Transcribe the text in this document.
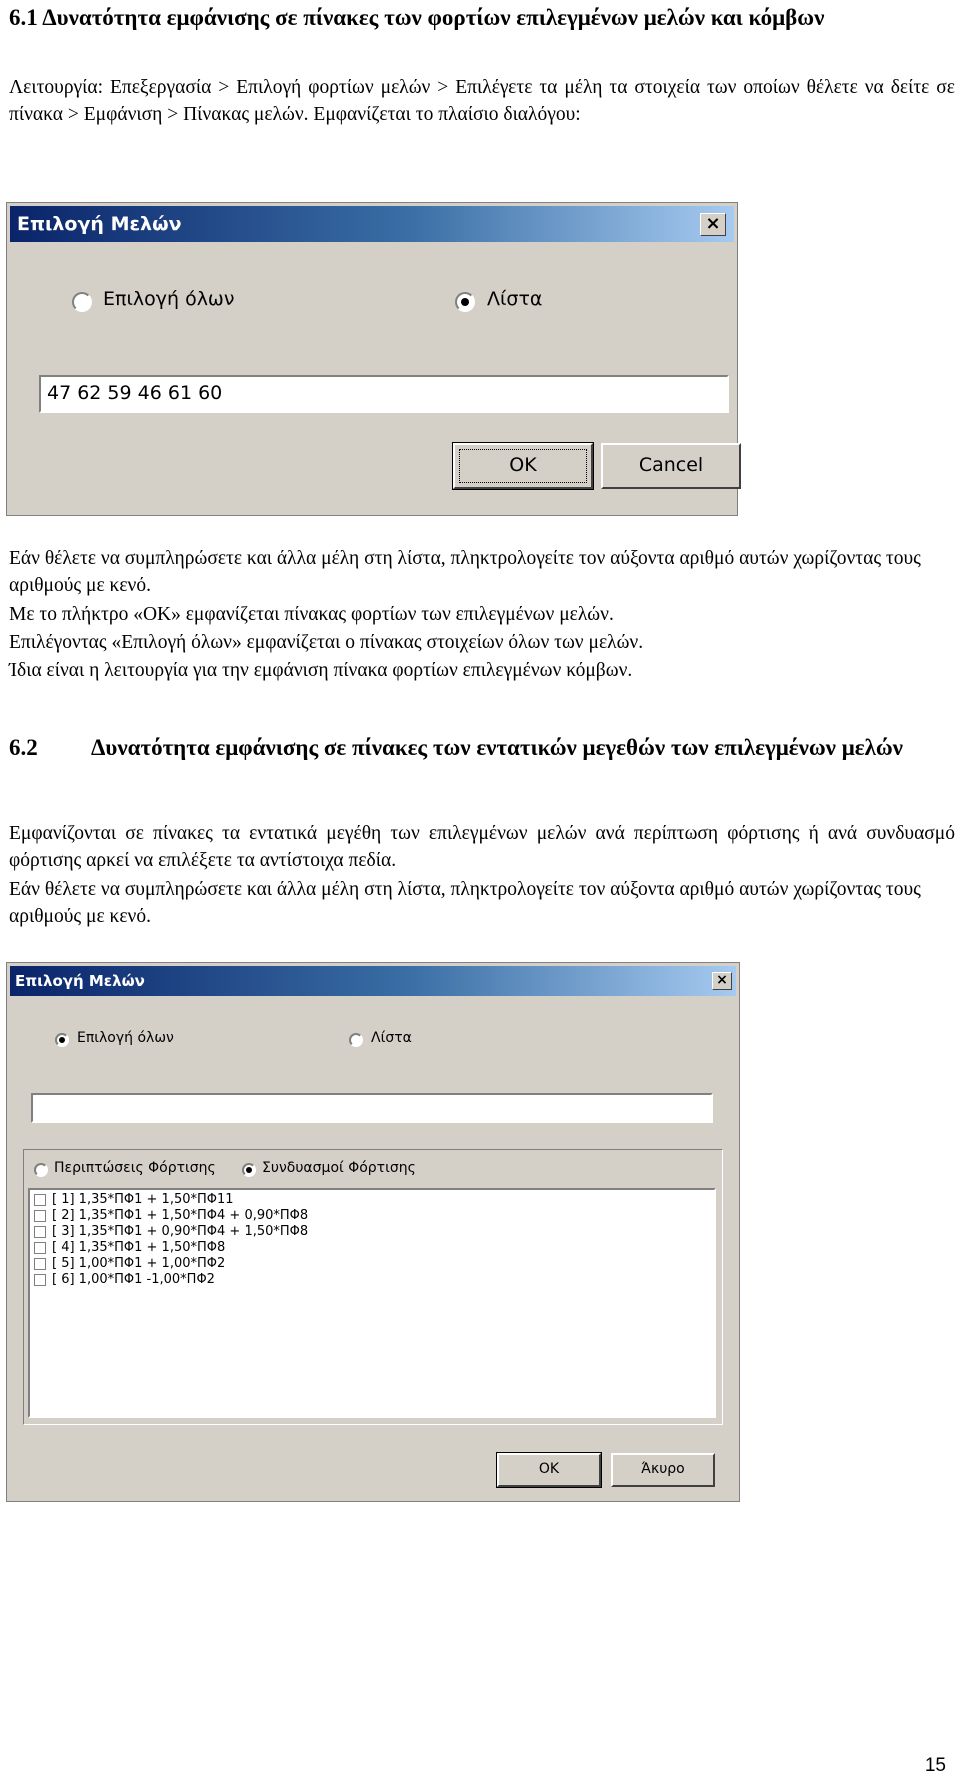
6.1 Δυνατότητα εμφάνισης σε πίνακες των φορτίων επιλεγμένων μελών και κόμβων

Λειτουργία: Επεξεργασία > Επιλογή φορτίων μελών > Επιλέγετε τα μέλη τα στοιχεία των οποίων θέλετε να δείτε σε πίνακα > Εμφάνιση > Πίνακας μελών. Εμφανίζεται το πλαίσιο διαλόγου:

Επιλογή Μελών	×
Επιλογή όλων	Λίστα
47 62 59 46 61 60
OK	Cancel

Εάν θέλετε να συμπληρώσετε και άλλα μέλη στη λίστα, πληκτρολογείτε τον αύξοντα αριθμό αυτών χωρίζοντας τους αριθμούς με κενό.

Με το πλήκτρο «ΟΚ» εμφανίζεται πίνακας φορτίων των επιλεγμένων μελών.

Επιλέγοντας «Επιλογή όλων» εμφανίζεται ο πίνακας στοιχείων όλων των μελών.

Ίδια είναι η λειτουργία για την εμφάνιση πίνακα φορτίων επιλεγμένων κόμβων.

6.2	Δυνατότητα εμφάνισης σε πίνακες των εντατικών μεγεθών των επιλεγμένων μελών

Εμφανίζονται σε πίνακες τα εντατικά μεγέθη των επιλεγμένων μελών ανά περίπτωση φόρτισης ή ανά συνδυασμό φόρτισης αρκεί να επιλέξετε τα αντίστοιχα πεδία.

Εάν θέλετε να συμπληρώσετε και άλλα μέλη στη λίστα, πληκτρολογείτε τον αύξοντα αριθμό αυτών χωρίζοντας τους αριθμούς με κενό.

Επιλογή Μελών	×
Επιλογή όλων	Λίστα
Περιπτώσεις Φόρτισης	Συνδυασμοί Φόρτισης
[ 1] 1,35*ΠΦ1 + 1,50*ΠΦ11
[ 2] 1,35*ΠΦ1 + 1,50*ΠΦ4 + 0,90*ΠΦ8
[ 3] 1,35*ΠΦ1 + 0,90*ΠΦ4 + 1,50*ΠΦ8
[ 4] 1,35*ΠΦ1 + 1,50*ΠΦ8
[ 5] 1,00*ΠΦ1 + 1,00*ΠΦ2
[ 6] 1,00*ΠΦ1 -1,00*ΠΦ2
OK	Άκυρο
15
